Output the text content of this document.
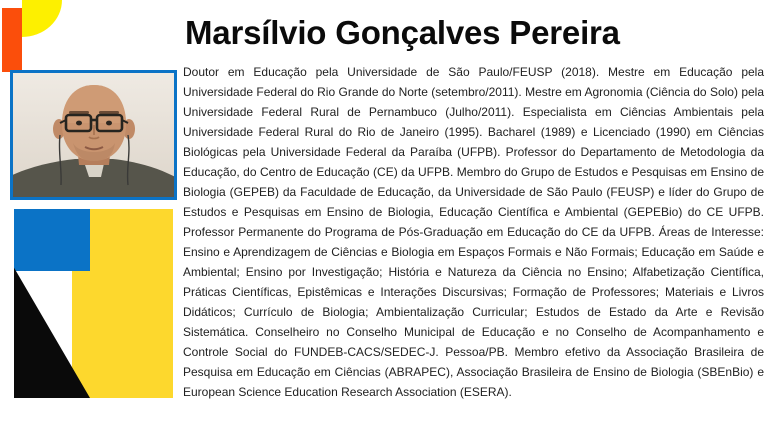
Marsílvio Gonçalves Pereira

Doutor em Educação pela Universidade de São Paulo/FEUSP (2018). Mestre em Educação pela Universidade Federal do Rio Grande do Norte (setembro/2011). Mestre em Agronomia (Ciência do Solo) pela Universidade Federal Rural de Pernambuco (Julho/2011). Especialista em Ciências Ambientais pela Universidade Federal Rural do Rio de Janeiro (1995). Bacharel (1989) e Licenciado (1990) em Ciências Biológicas pela Universidade Federal da Paraíba (UFPB). Professor do Departamento de Metodologia da Educação, do Centro de Educação (CE) da UFPB. Membro do Grupo de Estudos e Pesquisas em Ensino de Biologia (GEPEB) da Faculdade de Educação, da Universidade de São Paulo (FEUSP) e líder do Grupo de Estudos e Pesquisas em Ensino de Biologia, Educação Científica e Ambiental (GEPEBio) do CE UFPB. Professor Permanente do Programa de Pós-Graduação em Educação do CE da UFPB. Áreas de Interesse: Ensino e Aprendizagem de Ciências e Biologia em Espaços Formais e Não Formais; Educação em Saúde e Ambiental; Ensino por Investigação; História e Natureza da Ciência no Ensino; Alfabetização Científica, Práticas Científicas, Epistêmicas e Interações Discursivas; Formação de Professores; Materiais e Livros Didáticos; Currículo de Biologia; Ambientalização Curricular; Estudos de Estado da Arte e Revisão Sistemática. Conselheiro no Conselho Municipal de Educação e no Conselho de Acompanhamento e Controle Social do FUNDEB-CACS/SEDEC-J. Pessoa/PB. Membro efetivo da Associação Brasileira de Pesquisa em Educação em Ciências (ABRAPEC), Associação Brasileira de Ensino de Biologia (SBEnBio) e European Science Education Research Association (ESERA).
